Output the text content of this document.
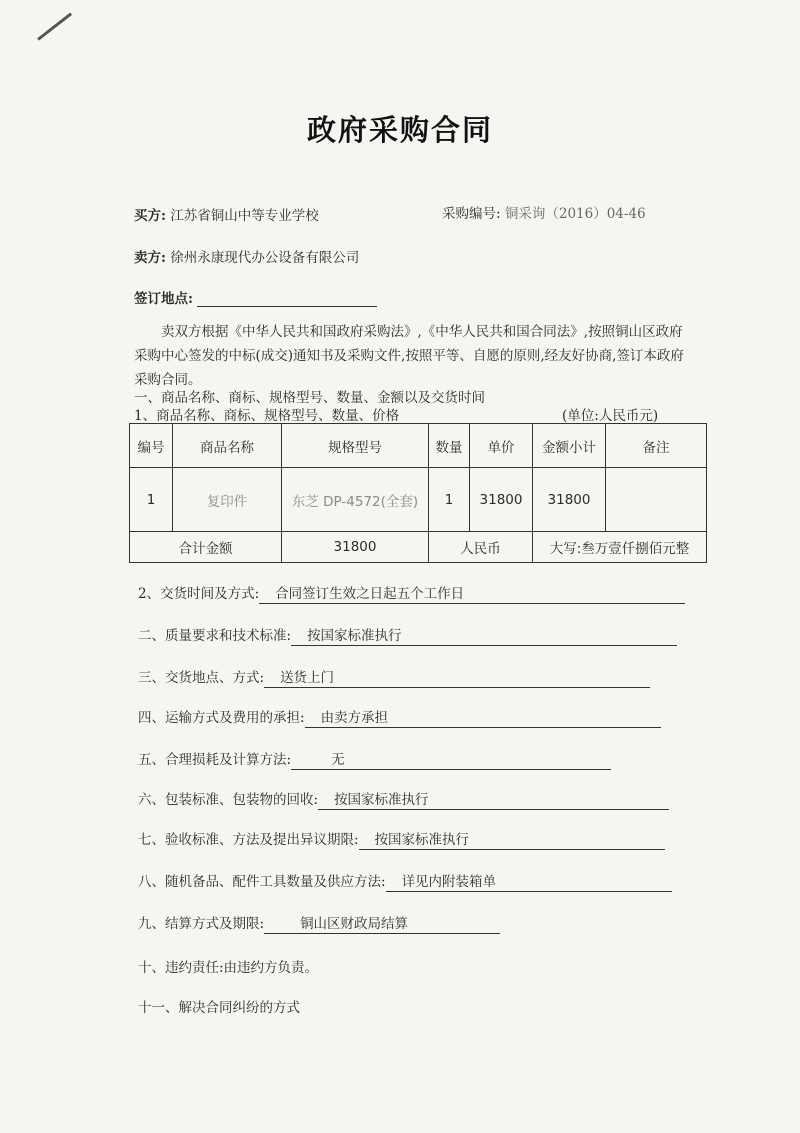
政府采购合同
买方: 江苏省铜山中等专业学校	采购编号: 铜采询（2016）04-46
卖方: 徐州永康现代办公设备有限公司
签订地点:
卖双方根据《中华人民共和国政府采购法》,《中华人民共和国合同法》,按照铜山区政府采购中心签发的中标(成交)通知书及采购文件,按照平等、自愿的原则,经友好协商,签订本政府采购合同。
一、商品名称、商标、规格型号、数量、金额以及交货时间
1、商品名称、商标、规格型号、数量、价格	(单位:人民币元)
编号	商品名称	规格型号	数量	单价	金额小计	备注
1	复印件	东芝 DP-4572(全套)	1	31800	31800	
合计金额		31800	人民币		大写:叁万壹仟捌佰元整	
2、交货时间及方式: 合同签订生效之日起五个工作日
二、质量要求和技术标准: 按国家标准执行
三、交货地点、方式: 送货上门
四、运输方式及费用的承担: 由卖方承担
五、合理损耗及计算方法:	无
六、包装标准、包装物的回收: 按国家标准执行
七、验收标准、方法及提出异议期限: 按国家标准执行
八、随机备品、配件工具数量及供应方法: 详见内附装箱单
九、结算方式及期限:	铜山区财政局结算
十、违约责任:由违约方负责。
十一、解决合同纠纷的方式
